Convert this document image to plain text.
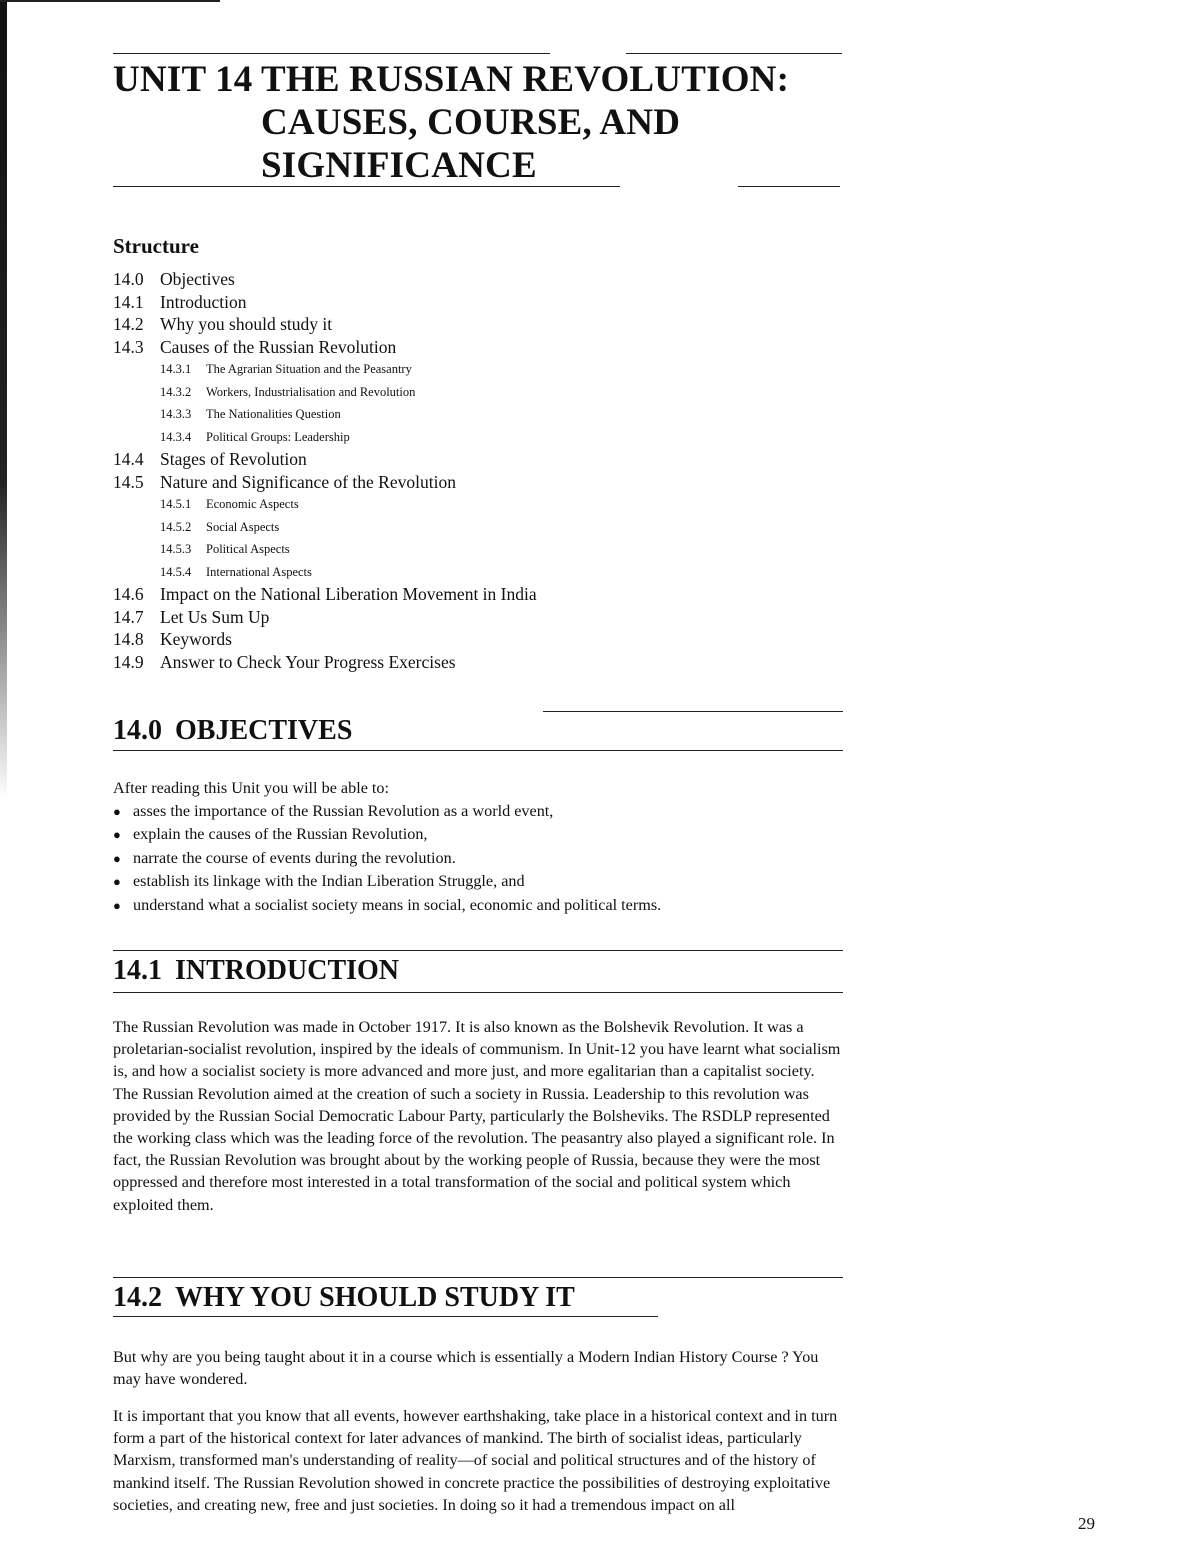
UNIT 14 THE RUSSIAN REVOLUTION:
CAUSES, COURSE, AND
SIGNIFICANCE
Structure
14.0 Objectives
14.1 Introduction
14.2 Why you should study it
14.3 Causes of the Russian Revolution
14.3.1 The Agrarian Situation and the Peasantry
14.3.2 Workers, Industrialisation and Revolution
14.3.3 The Nationalities Question
14.3.4 Political Groups: Leadership
14.4 Stages of Revolution
14.5 Nature and Significance of the Revolution
14.5.1 Economic Aspects
14.5.2 Social Aspects
14.5.3 Political Aspects
14.5.4 International Aspects
14.6 Impact on the National Liberation Movement in India
14.7 Let Us Sum Up
14.8 Keywords
14.9 Answer to Check Your Progress Exercises
14.0 OBJECTIVES

After reading this Unit you will be able to:

● asses the importance of the Russian Revolution as a world event,
● explain the causes of the Russian Revolution,
● narrate the course of events during the revolution.
● establish its linkage with the Indian Liberation Struggle, and
● understand what a socialist society means in social, economic and political terms.
14.1 INTRODUCTION

The Russian Revolution was made in October 1917. It is also known as the Bolshevik Revolution. It was a proletarian-socialist revolution, inspired by the ideals of communism. In Unit-12 you have learnt what socialism is, and how a socialist society is more advanced and more just, and more egalitarian than a capitalist society. The Russian Revolution aimed at the creation of such a society in Russia. Leadership to this revolution was provided by the Russian Social Democratic Labour Party, particularly the Bolsheviks. The RSDLP represented the working class which was the leading force of the revolution. The peasantry also played a significant role. In fact, the Russian Revolution was brought about by the working people of Russia, because they were the most oppressed and therefore most interested in a total transformation of the social and political system which exploited them.

14.2 WHY YOU SHOULD STUDY IT

But why are you being taught about it in a course which is essentially a Modern Indian History Course ? You may have wondered.

It is important that you know that all events, however earthshaking, take place in a historical context and in turn form a part of the historical context for later advances of mankind. The birth of socialist ideas, particularly Marxism, transformed man's understanding of reality—of social and political structures and of the history of mankind itself. The Russian Revolution showed in concrete practice the possibilities of destroying exploitative societies, and creating new, free and just societies. In doing so it had a tremendous impact on all

29
